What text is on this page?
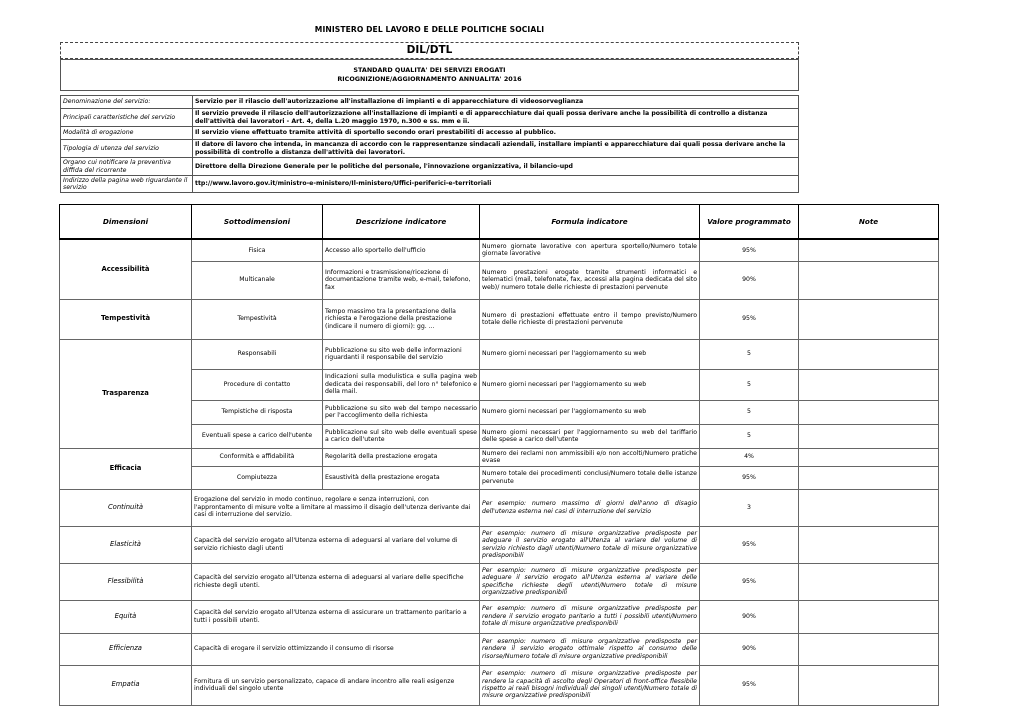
MINISTERO DEL LAVORO E DELLE POLITICHE SOCIALI
DIL/DTL
STANDARD QUALITA' DEI SERVIZI EROGATI
RICOGNIZIONE/AGGIORNAMENTO ANNUALITA' 2016
Denominazione del servizio:	Servizio per il rilascio dell'autorizzazione all'installazione di impianti e di apparecchiature di videosorveglianza
Principali caratteristiche del servizio	Il servizio prevede il rilascio dell'autorizzazione all'installazione di impianti e di apparecchiature dai quali possa derivare anche la possibilità di controllo a distanza dell'attività dei lavoratori - Art. 4, della L.20 maggio 1970, n.300 e ss. mm e ii.
Modalità di erogazione	Il servizio viene effettuato tramite attività di sportello secondo orari prestabiliti di accesso al pubblico.
Tipologia di utenza del servizio	Il datore di lavoro che intenda, in mancanza di accordo con le rappresentanze sindacali aziendali, installare impianti e apparecchiature dai quali possa derivare anche la possibilità di controllo a distanza dell'attività dei lavoratori.
Organo cui notificare la preventiva diffida del ricorrente	Direttore della Direzione Generale per le politiche del personale, l'innovazione organizzativa, il bilancio-upd
Indirizzo della pagina web riguardante il servizio	ttp://www.lavoro.gov.it/ministro-e-ministero/Il-ministero/Uffici-periferici-e-territoriali
Dimensioni	Sottodimensioni	Descrizione indicatore	Formula indicatore	Valore programmato	Note
Accessibilità	Fisica	Accesso allo sportello dell'ufficio	Numero giornate lavorative con apertura sportello/Numero totale giornate lavorative	95%	
	Multicanale	Informazioni e trasmissione/ricezione di documentazione tramite web, e-mail, telefono, fax	Numero prestazioni erogate tramite strumenti informatici e telematici (mail, telefonate, fax, accessi alla pagina dedicata del sito web)/ numero totale delle richieste di prestazioni pervenute	90%	
Tempestività	Tempestività	Tempo massimo tra la presentazione della richiesta e l'erogazione della prestazione (indicare il numero di giorni): gg. ...	Numero di prestazioni effettuate entro il tempo previsto/Numero totale delle richieste di prestazioni pervenute	95%	
Trasparenza	Responsabili	Pubblicazione su sito web delle informazioni riguardanti il responsabile del servizio	Numero giorni necessari per l'aggiornamento su web	5	
	Procedure di contatto	Indicazioni sulla modulistica e sulla pagina web dedicata dei responsabili, del loro n° telefonico e della mail.	Numero giorni necessari per l'aggiornamento su web	5	
	Tempistiche di risposta	Pubblicazione su sito web del tempo necessario per l'accoglimento della richiesta	Numero giorni necessari per l'aggiornamento su web	5	
	Eventuali spese a carico dell'utente	Pubblicazione sul sito web delle eventuali spese a carico dell'utente	Numero giorni necessari per l'aggiornamento su web del tariffario delle spese a carico dell'utente	5	
Efficacia	Conformità e affidabilità	Regolarità della prestazione erogata	Numero dei reclami non ammissibili e/o non accolti/Numero pratiche evase	4%	
	Compiutezza	Esaustività della prestazione erogata	Numero totale dei procedimenti conclusi/Numero totale delle istanze pervenute	95%	
Continuità	Erogazione del servizio in modo continuo, regolare e senza interruzioni, con l'approntamento di misure volte a limitare al massimo il disagio dell'utenza derivante dai casi di interruzione del servizio.		Per esempio: numero massimo di giorni dell'anno di disagio dell'utenza esterna nei casi di interruzione del servizio	3	
Elasticità	Capacità del servizio erogato all'Utenza esterna di adeguarsi al variare del volume di servizio richiesto dagli utenti		Per esempio: numero di misure organizzative predisposte per adeguare il servizio erogato all'Utenza al variare del volume di servizio richiesto dagli utenti/Numero totale di misure organizzative predisponibili	95%	
Flessibilità	Capacità del servizio erogato all'Utenza esterna di adeguarsi al variare delle specifiche richieste degli utenti.		Per esempio: numero di misure organizzative predisposte per adeguare il servizio erogato all'Utenza esterna al variare delle specifiche richieste degli utenti/Numero totale di misure organizzative predisponibili	95%	
Equità	Capacità del servizio erogato all'Utenza esterna di assicurare un trattamento paritario a tutti i possibili utenti.		Per esempio: numero di misure organizzative predisposte per rendere il servizio erogato paritario a tutti i possibili utenti/Numero totale di misure organizzative predisponibili	90%	
Efficienza	Capacità di erogare il servizio ottimizzando il consumo di risorse		Per esempio: numero di misure organizzative predisposte per rendere il servizio erogato ottimale rispetto al consumo delle risorse/Numero totale di misure organizzative predisponibili	90%	
Empatia	Fornitura di un servizio personalizzato, capace di andare incontro alle reali esigenze individuali del singolo utente		Per esempio: numero di misure organizzative predisposte per rendere la capacità di ascolto degli Operatori di front-office flessibile rispetto ai reali bisogni individuali dei singoli utenti/Numero totale di misure organizzative predisponibili	95%	
